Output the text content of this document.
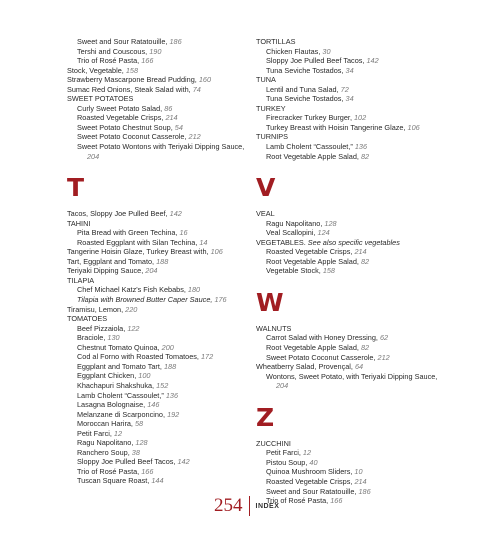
Sweet and Sour Ratatouille, 186
Tershi and Couscous, 190
Trio of Rosé Pasta, 166
Stock, Vegetable, 158
Strawberry Mascarpone Bread Pudding, 160
Sumac Red Onions, Steak Salad with, 74
SWEET POTATOES
Curly Sweet Potato Salad, 86
Roasted Vegetable Crisps, 214
Sweet Potato Chestnut Soup, 54
Sweet Potato Coconut Casserole, 212
Sweet Potato Wontons with Teriyaki Dipping Sauce, 204
T
Tacos, Sloppy Joe Pulled Beef, 142
TAHINI
Pita Bread with Green Techina, 16
Roasted Eggplant with Silan Techina, 14
Tangerine Hoisin Glaze, Turkey Breast with, 106
Tart, Eggplant and Tomato, 188
Teriyaki Dipping Sauce, 204
TILAPIA
Chef Michael Katz's Fish Kebabs, 180
Tilapia with Browned Butter Caper Sauce, 176
Tiramisu, Lemon, 220
TOMATOES
Beef Pizzaiola, 122
Braciole, 130
Chestnut Tomato Quinoa, 200
Cod al Forno with Roasted Tomatoes, 172
Eggplant and Tomato Tart, 188
Eggplant Chicken, 100
Khachapuri Shakshuka, 152
Lamb Cholent “Cassoulet,” 136
Lasagna Bolognaise, 146
Melanzane di Scarponcino, 192
Moroccan Harira, 58
Petit Farci, 12
Ragu Napolitano, 128
Ranchero Soup, 38
Sloppy Joe Pulled Beef Tacos, 142
Trio of Rosé Pasta, 166
Tuscan Square Roast, 144
TORTILLAS
Chicken Flautas, 30
Sloppy Joe Pulled Beef Tacos, 142
Tuna Seviche Tostados, 34
TUNA
Lentil and Tuna Salad, 72
Tuna Seviche Tostados, 34
TURKEY
Firecracker Turkey Burger, 102
Turkey Breast with Hoisin Tangerine Glaze, 106
TURNIPS
Lamb Cholent “Cassoulet,” 136
Root Vegetable Apple Salad, 82
V
VEAL
Ragu Napolitano, 128
Veal Scallopini, 124
VEGETABLES. See also specific vegetables
Roasted Vegetable Crisps, 214
Root Vegetable Apple Salad, 82
Vegetable Stock, 158
W
WALNUTS
Carrot Salad with Honey Dressing, 62
Root Vegetable Apple Salad, 82
Sweet Potato Coconut Casserole, 212
Wheatberry Salad, Provençal, 64
Wontons, Sweet Potato, with Teriyaki Dipping Sauce, 204
Z
ZUCCHINI
Petit Farci, 12
Pistou Soup, 40
Quinoa Mushroom Sliders, 10
Roasted Vegetable Crisps, 214
Sweet and Sour Ratatouille, 186
Trio of Rosé Pasta, 166
254	INDEX
